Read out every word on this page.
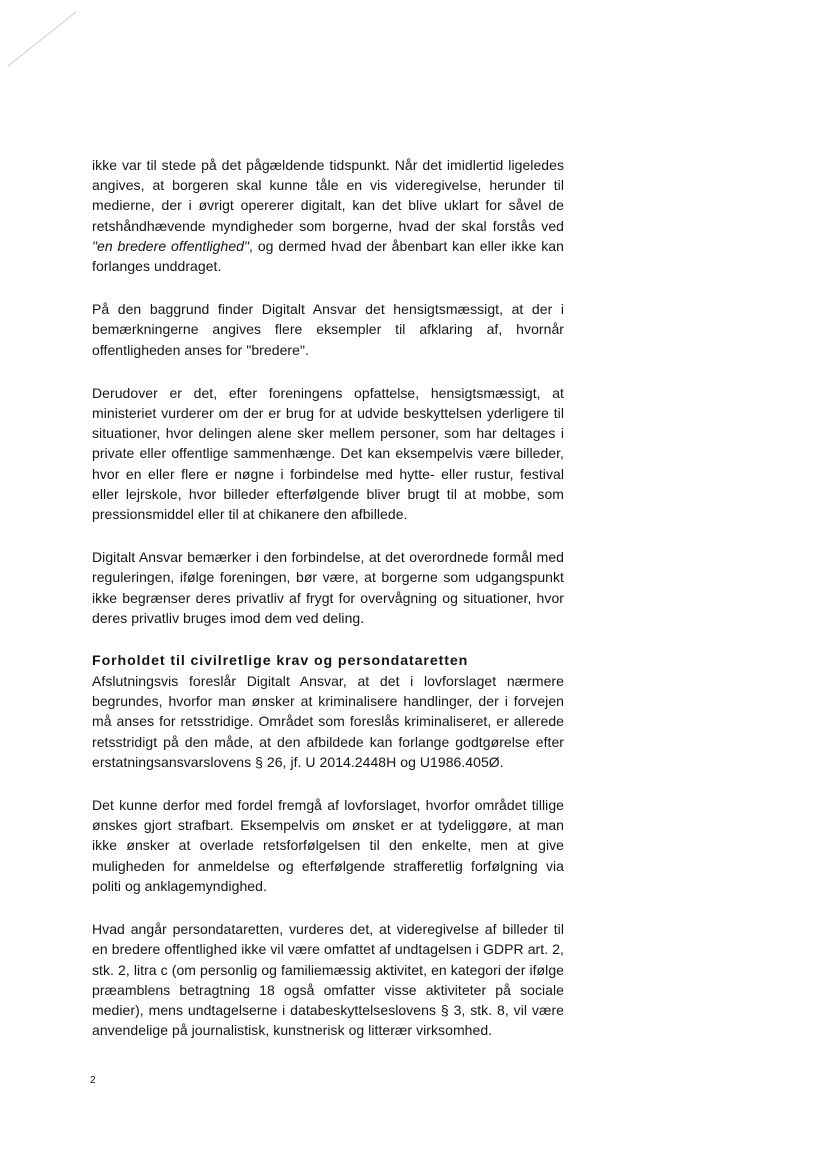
ikke var til stede på det pågældende tidspunkt. Når det imidlertid ligeledes angives, at borgeren skal kunne tåle en vis videregivelse, herunder til medierne, der i øvrigt opererer digitalt, kan det blive uklart for såvel de retshåndhævende myndigheder som borgerne, hvad der skal forstås ved "en bredere offentlighed", og dermed hvad der åbenbart kan eller ikke kan forlanges unddraget.

På den baggrund finder Digitalt Ansvar det hensigtsmæssigt, at der i bemærkningerne angives flere eksempler til afklaring af, hvornår offentligheden anses for "bredere".

Derudover er det, efter foreningens opfattelse, hensigtsmæssigt, at ministeriet vurderer om der er brug for at udvide beskyttelsen yderligere til situationer, hvor delingen alene sker mellem personer, som har deltages i private eller offentlige sammenhænge. Det kan eksempelvis være billeder, hvor en eller flere er nøgne i forbindelse med hytte- eller rustur, festival eller lejrskole, hvor billeder efterfølgende bliver brugt til at mobbe, som pressionsmiddel eller til at chikanere den afbillede.

Digitalt Ansvar bemærker i den forbindelse, at det overordnede formål med reguleringen, ifølge foreningen, bør være, at borgerne som udgangspunkt ikke begrænser deres privatliv af frygt for overvågning og situationer, hvor deres privatliv bruges imod dem ved deling.

Forholdet til civilretlige krav og persondataretten

Afslutningsvis foreslår Digitalt Ansvar, at det i lovforslaget nærmere begrundes, hvorfor man ønsker at kriminalisere handlinger, der i forvejen må anses for retsstridige. Området som foreslås kriminaliseret, er allerede retsstridigt på den måde, at den afbildede kan forlange godtgørelse efter erstatningsansvarslovens § 26, jf. U 2014.2448H og U1986.405Ø.

Det kunne derfor med fordel fremgå af lovforslaget, hvorfor området tillige ønskes gjort strafbart. Eksempelvis om ønsket er at tydeliggøre, at man ikke ønsker at overlade retsforfølgelsen til den enkelte, men at give muligheden for anmeldelse og efterfølgende strafferetlig forfølgning via politi og anklagemyndighed.

Hvad angår persondataretten, vurderes det, at videregivelse af billeder til en bredere offentlighed ikke vil være omfattet af undtagelsen i GDPR art. 2, stk. 2, litra c (om personlig og familiemæssig aktivitet, en kategori der ifølge præamblens betragtning 18 også omfatter visse aktiviteter på sociale medier), mens undtagelserne i databeskyttelseslovens § 3, stk. 8, vil være anvendelige på journalistisk, kunstnerisk og litterær virksomhed.

2
